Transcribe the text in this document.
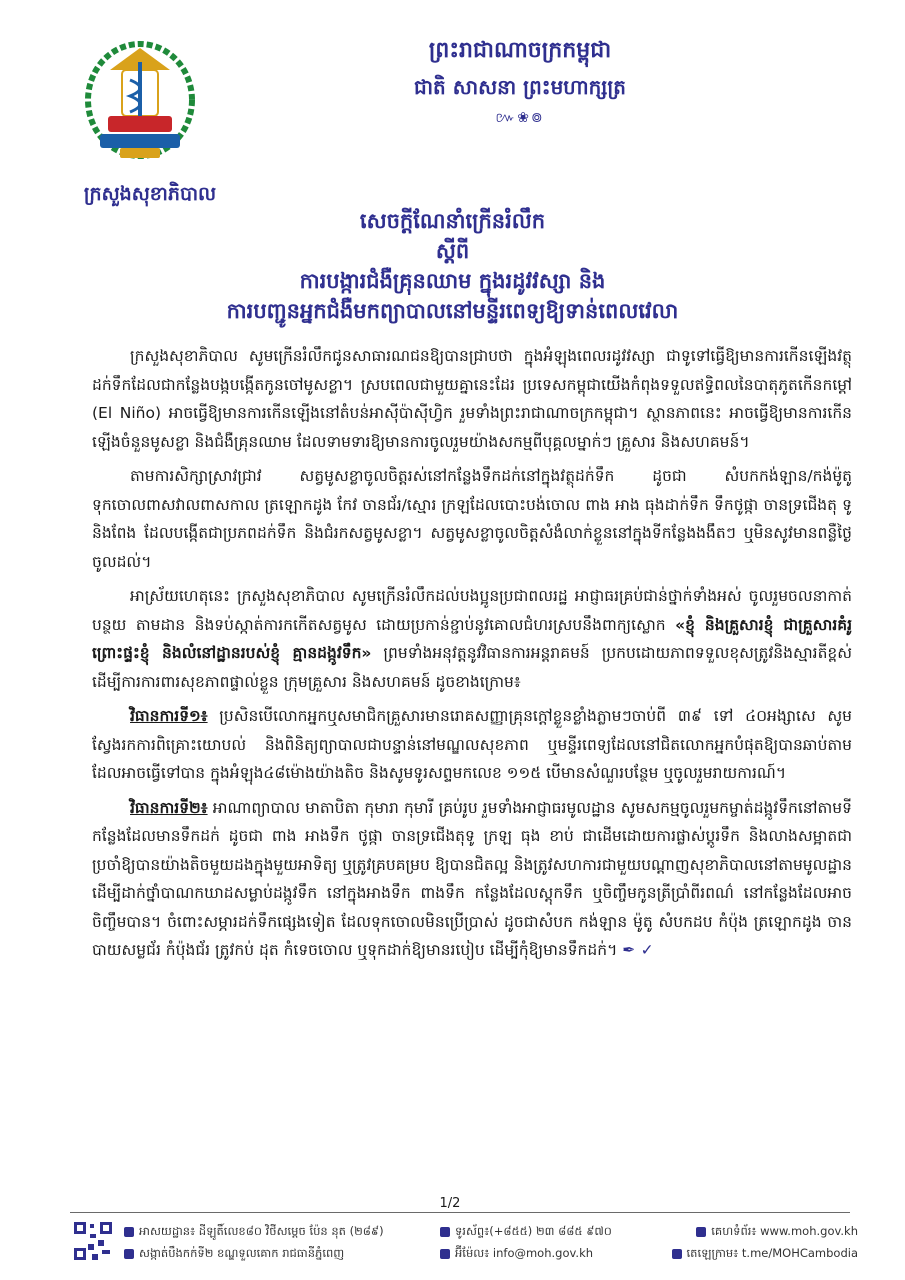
ក្រសួងសុខាភិបាល
ព្រះរាជាណាចក្រកម្ពុជា
ជាតិ សាសនា ព្រះមហាក្សត្រ
៚❀៙
សេចក្ដីណែនាំក្រើនរំលឹក
ស្ដីពី
ការបង្ការជំងឺគ្រុនឈាម ក្នុងរដូវវស្សា និង
ការបញ្ជូនអ្នកជំងឺមកព្យាបាលនៅមន្ទីរពេទ្យឱ្យទាន់ពេលវេលា

ក្រសួងសុខាភិបាល សូមក្រើនរំលឹកជូនសាធារណជនឱ្យបានជ្រាបថា ក្នុងអំឡុងពេលរដូវវស្សា ជាទូទៅធ្វើឱ្យមានការកើនឡើងវត្ថុដក់ទឹកដែលជាកន្លែងបង្កបង្កើតកូនចៅមូសខ្លា។ ស្របពេលជាមួយគ្នានេះដែរ ប្រទេសកម្ពុជាយើងកំពុងទទួលឥទ្ធិពលនៃបាតុភូតកើនកម្ដៅ (El Niño) អាចធ្វើឱ្យមានការកើនឡើងនៅតំបន់អាស៊ីប៉ាស៊ីហ្វិក រួមទាំងព្រះរាជាណាចក្រកម្ពុជា។ ស្ថានភាពនេះ អាចធ្វើឱ្យមានការកើនឡើងចំនួនមូសខ្លា និងជំងឺគ្រុនឈាម ដែលទាមទារឱ្យមានការចូលរួមយ៉ាងសកម្មពីបុគ្គលម្នាក់ៗ គ្រួសារ និងសហគមន៍។

តាមការសិក្សាស្រាវជ្រាវ សត្វមូសខ្លាចូលចិត្តរស់នៅកន្លែងទឹកដក់នៅក្នុងវត្ថុដក់ទឹក ដូចជា សំបកកង់ឡាន/កង់ម៉ូតូទុកចោលពាសវាលពាសកាល ត្រឡោកដូង កែវ ចានជ័រ/ស្មោរ ក្រឡដែលបោះបង់ចោល ពាង អាង ធុងដាក់ទឹក ទឹកថូផ្កា ចានទ្រជើងតុ ទូ និងពែង ដែលបង្កើតជាប្រភពដក់ទឹក និងជំរកសត្វមូសខ្លា។ សត្វមូសខ្លាចូលចិត្តសំងំលាក់ខ្លួននៅក្នុងទីកន្លែងងងឹតៗ ឬមិនសូវមានពន្លឺថ្ងៃចូលដល់។

អាស្រ័យហេតុនេះ ក្រសួងសុខាភិបាល សូមក្រើនរំលឹកដល់បងប្អូនប្រជាពលរដ្ឋ អាជ្ញាធរគ្រប់ជាន់ថ្នាក់ទាំងអស់ ចូលរួមចលនាកាត់បន្ថយ តាមដាន និងទប់ស្កាត់ការកកើតសត្វមូស ដោយប្រកាន់ខ្ជាប់នូវគោលជំហរស្របនឹងពាក្យស្លោក «ខ្ញុំ និងគ្រួសារខ្ញុំ ជាគ្រួសារគំរូ ព្រោះផ្ទះខ្ញុំ និងលំនៅដ្ឋានរបស់ខ្ញុំ គ្មានដង្កូវទឹក» ព្រមទាំងអនុវត្តនូវវិធានការអន្តរាគមន៍ ប្រកបដោយភាពទទួលខុសត្រូវនិងស្មារតីខ្ពស់ ដើម្បីការការពារសុខភាពផ្ទាល់ខ្លួន ក្រុមគ្រួសារ និងសហគមន៍ ដូចខាងក្រោម៖

វិធានការទី១៖ ប្រសិនបើលោកអ្នកឬសមាជិកគ្រួសារមានរោគសញ្ញាគ្រុនក្ដៅខ្លួនខ្លាំងភ្លាមៗចាប់ពី ៣៩ ទៅ ៤០អង្សាសេ សូមស្វែងរកការពិគ្រោះយោបល់ និងពិនិត្យព្យាបាលជាបន្ទាន់នៅមណ្ឌលសុខភាព ឬមន្ទីរពេទ្យដែលនៅជិតលោកអ្នកបំផុតឱ្យបានឆាប់តាមដែលអាចធ្វើទៅបាន ក្នុងអំឡុង៤៨ម៉ោងយ៉ាងតិច និងសូមទូរសព្ទមកលេខ ១១៥ បើមានសំណួរបន្ថែម ឬចូលរួមរាយការណ៍។

វិធានការទី២៖ អាណាព្យាបាល មាតាបិតា កុមារា កុមារី គ្រប់រូប រួមទាំងអាជ្ញាធរមូលដ្ឋាន សូមសកម្មចូលរួមកម្ចាត់ដង្កូវទឹកនៅតាមទីកន្លែងដែលមានទឹកដក់ ដូចជា ពាង អាងទឹក ថូផ្កា ចានទ្រជើងតុទូ ក្រឡ ធុង ខាប់ ជាដើមដោយការផ្លាស់ប្ដូរទឹក និងលាងសម្អាតជាប្រចាំឱ្យបានយ៉ាងតិចមួយដងក្នុងមួយអាទិត្យ ឬត្រូវគ្របគម្រប ឱ្យបានជិតល្អ និងត្រូវសហការជាមួយបណ្ដាញសុខាភិបាលនៅតាមមូលដ្ឋាន ដើម្បីដាក់ថ្នាំបាណកឃាដសម្លាប់ដង្កូវទឹក នៅក្នុងអាងទឹក ពាងទឹក កន្លែងដែលស្តុកទឹក ឬចិញ្ចឹមកូនត្រីប្រាំពីរពណ៌ នៅកន្លែងដែលអាចចិញ្ចឹមបាន។ ចំពោះសម្ភារដក់ទឹកផ្សេងទៀត ដែលទុកចោលមិនប្រើប្រាស់ ដូចជាសំបក កង់ឡាន ម៉ូតូ សំបកដប កំប៉ុង ត្រឡោកដូង ចានបាយសម្លជ័រ កំប៉ុងជ័រ ត្រូវកប់ ដុត កំទេចចោល ឬទុកដាក់ឱ្យមានរបៀប ដើម្បីកុំឱ្យមានទឹកដក់។ ✒ ✓

1/2
អាសយដ្ឋាន៖ ដីឡូតិ៍លេខ៨០ វិថីសម្ដេច ប៉ែន នុត (២៨៩)
សង្កាត់បឹងកក់ទី២ ខណ្ឌទួលគោក រាជធានីភ្នំពេញ
ទូរស័ព្ទ៖(+៨៥៥) ២៣ ៨៨៥ ៩៧០
អ៊ីម៉ែល៖ info@moh.gov.kh
គេហទំព័រ៖ www.moh.gov.kh
តេឡេក្រាម៖ t.me/MOHCambodia
